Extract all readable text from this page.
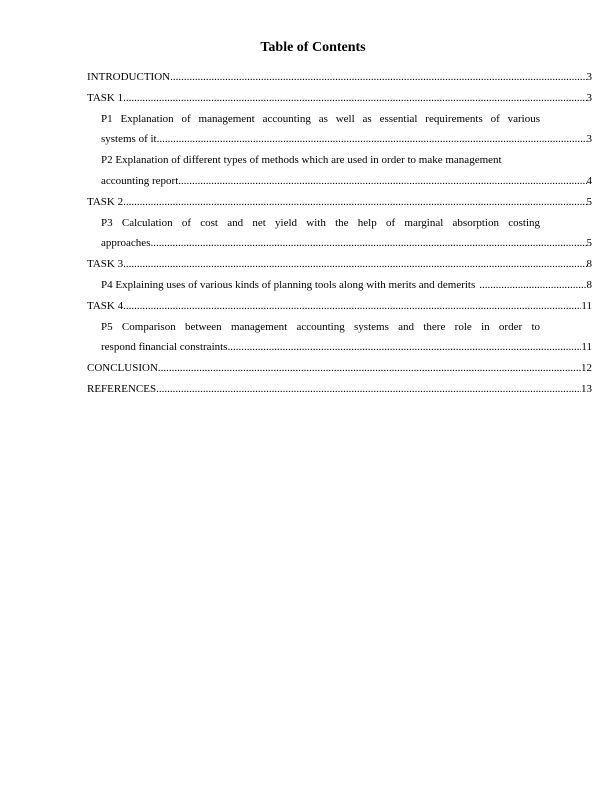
Table of Contents
INTRODUCTION .....	3
TASK 1 .....	3
P1 Explanation of management accounting as well as essential requirements of various
systems of it .....	3
P2 Explanation of different types of methods which are used in order to make management
accounting report .....	4
TASK 2 .....	5
P3 Calculation of cost and net yield with the help of marginal absorption costing
approaches .....	5
TASK 3 .....	8
P4 Explaining uses of various kinds of planning tools along with merits and demerits .....	8
TASK 4 .....	11
P5 Comparison between management accounting systems and there role in order to
respond financial constraints .....	11
CONCLUSION .....	12
REFERENCES .....	13
